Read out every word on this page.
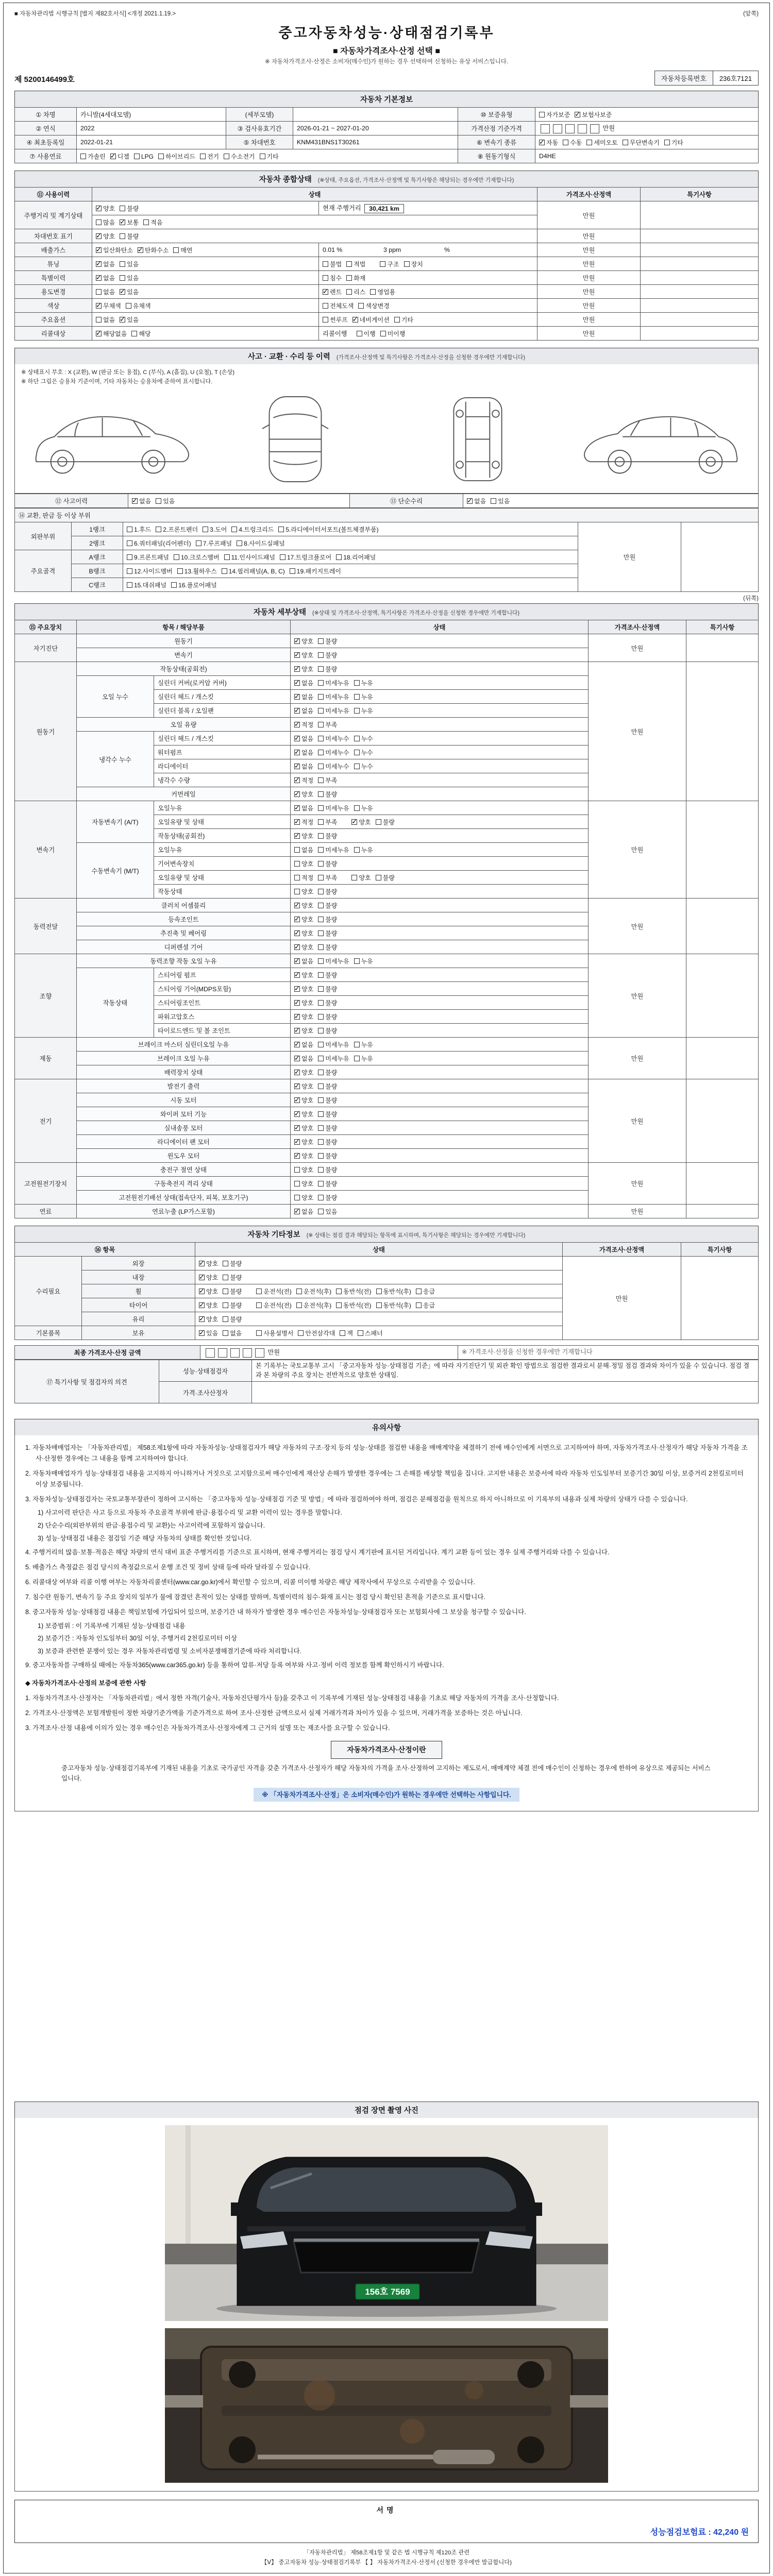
■ 자동차관리법 시행규칙 [별지 제82호서식] <개정 2021.1.19.>	(앞쪽)
중고자동차성능·상태점검기록부
■ 자동차가격조사·산정 선택 ■
※ 자동차가격조사·산정은 소비자(매수인)가 원하는 경우 선택하여 신청하는 유상 서비스입니다.
제 5200146499호	자동차등록번호	236호7121
자동차 기본정보
① 차명	카니발(4세대모델)	(세부모델)		⑩ 보증유형	자가보증 ✓ 보험사보증
② 연식	2022	③ 검사유효기간	2026-01-21 ~ 2027-01-20	가격산정 기준가격	만원
④ 최초등록일	2022-01-21	⑤ 차대번호	KNM431BNS1T30261	⑥ 변속기 종류	✓자동 수동 세미오토 무단변속기 기타
⑦ 사용연료	가솔린 ✓ 디젤 LPG 하이브리드 전기 수소전기 기타			⑧ 원동기형식	D4HE
자동차 종합상태 (※상태, 주요옵션, 가격조사·산정액 및 특기사항은 해당되는 경우에만 기재합니다)
⑪ 사용이력	상태		가격조사·산정액	특기사항
주행거리 및 계기상태	✓양호 불량	현재 주행거리 30,421 km	만원	
	많음 ✓ 보통 적음
차대번호 표기	✓양호 불량		만원	
배출가스	✓일산화탄소 ✓ 탄화수소 매연	0.01 % 3 ppm %	만원	
튜닝	✓없음 있음	불법 적법 구조 장치	만원	
특별이력	✓없음 있음	침수 화재	만원	
용도변경	없음 ✓ 있음	✓렌트 리스 영업용	만원	
색상	✓무채색 유채색	전체도색 색상변경	만원	
주요옵션	없음 ✓ 있음	썬루프 ✓ 네비게이션 기타	만원	
리콜대상	✓해당없음 해당	리콜이행 이행 미이행	만원	
사고 · 교환 · 수리 등 이력 (가격조사·산정액 및 특기사항은 가격조사·산정을 신청한 경우에만 기재합니다)
※ 상태표시 부호 : X (교환), W (판금 또는 용접), C (부식), A (흠집), U (요철), T (손상)
※ 하단 그림은 승용차 기준이며, 기타 자동차는 승용차에 준하여 표시합니다.
⑫ 사고이력	✓없음 있음	⑬ 단순수리	✓없음 있음
⑭ 교환, 판금 등 이상 부위				
외판부위	1랭크	1.후드 2.프론트펜더 3.도어 4.트렁크리드 5.라디에이터서포트(볼트체결부품)	만원	
	2랭크	6.쿼터패널(리어펜더) 7.루프패널 8.사이드실패널		
주요골격	A랭크	9.프론트패널 10.크로스멤버 11.인사이드패널 17.트렁크플로어 18.리어패널		
	B랭크	12.사이드멤버 13.휠하우스 14.필러패널(A, B, C) 19.패키지트레이		
	C랭크	15.대쉬패널 16.플로어패널		
(뒤쪽)
자동차 세부상태 (※상태 및 가격조사·산정액, 특기사항은 가격조사·산정을 신청한 경우에만 기재합니다)
⑮ 주요장치	항목 / 해당부품		상태	가격조사·산정액	특기사항
자기진단	원동기	✓양호 불량	만원	
	변속기	✓양호 불량
원동기	작동상태(공회전)	✓양호 불량	만원	
	오일 누수	실린더 커버(로커암 커버)	✓없음 미세누유 누유
		실린더 헤드 / 개스킷	✓없음 미세누유 누유
		실린더 블록 / 오일팬	✓없음 미세누유 누유
	오일 유량	✓적정 부족
	냉각수 누수	실린더 헤드 / 개스킷	✓없음 미세누수 누수
		워터펌프	✓없음 미세누수 누수
		라디에이터	✓없음 미세누수 누수
		냉각수 수량	✓적정 부족
	커먼레일	✓양호 불량
변속기	자동변속기 (A/T)	오일누유	✓없음 미세누유 누유	만원	
		오일유량 및 상태	✓적정 부족 ✓ 양호 불량
		작동상태(공회전)	✓양호 불량
	수동변속기 (M/T)	오일누유	없음 미세누유 누유		
		기어변속장치	양호 불량		
		오일유량 및 상태	적정 부족 양호 불량		
		작동상태	양호 불량		
동력전달	클러치 어셈블리	✓양호 불량	만원	
	등속조인트	✓양호 불량
	추진축 및 베어링	✓양호 불량
	디퍼렌셜 기어	✓양호 불량
조향	동력조향 작동 오일 누유	✓없음 미세누유 누유	만원	
	작동상태	스티어링 펌프	✓양호 불량
		스티어링 기어(MDPS포함)	✓양호 불량
		스티어링조인트	✓양호 불량
		파워고압호스	✓양호 불량
		타이로드엔드 및 볼 조인트	✓양호 불량
제동	브레이크 마스터 실린더오일 누유	✓없음 미세누유 누유	만원	
	브레이크 오일 누유	✓없음 미세누유 누유
	배력장치 상태	✓양호 불량
전기	발전기 출력	✓양호 불량	만원	
	시동 모터	✓양호 불량
	와이퍼 모터 기능	✓양호 불량
	실내송풍 모터	✓양호 불량
	라디에이터 팬 모터	✓양호 불량
	윈도우 모터	✓양호 불량
고전원전기장치	충전구 절연 상태		양호 불량	만원	
	구동축전지 격리 상태		양호 불량		
	고전원전기배선 상태(접속단자, 피복, 보호기구)		양호 불량		
연료	연료누출 (LP가스포함)	✓없음 있음	만원	
자동차 기타정보 (※ 상태는 점검 결과 해당되는 항목에 표시하며, 특기사항은 해당되는 경우에만 기재합니다)
⑯ 항목		상태	가격조사·산정액	특기사항
수리필요	외장	✓양호 불량	만원	
	내장	✓양호 불량
	휠	✓양호 불량 운전석(전) 운전석(후) 동반석(전) 동반석(후) 응급
	타이어	✓양호 불량 운전석(전) 운전석(후) 동반석(전) 동반석(후) 응급
	유리	✓양호 불량
기본품목	보유	✓있음 없음 사용설명서 안전삼각대 잭 스패너
최종 가격조사·산정 금액	만원	※ 가격조사·산정을 신청한 경우에만 기재합니다
⑰ 특기사항 및 점검자의 의견	성능·상태점검자	본 기록부는 국토교통부 고시 「중고자동차 성능·상태점검 기준」에 따라 자기진단기 및 외관 확인 방법으로 점검한 결과로서 분해·정밀 점검 결과와 차이가 있을 수 있습니다. 점검 결과 본 차량의 주요 장치는 전반적으로 양호한 상태임.
	가격·조사산정자	
유의사항
1. 자동차매매업자는 「자동차관리법」 제58조제1항에 따라 자동차성능·상태점검자가 해당 자동차의 구조·장치 등의 성능·상태를 점검한 내용을 매매계약을 체결하기 전에 매수인에게 서면으로 고지하여야 하며, 자동차가격조사·산정자가 해당 자동차 가격을 조사·산정한 경우에는 그 내용을 함께 고지하여야 합니다.
2. 자동차매매업자가 성능·상태점검 내용을 고지하지 아니하거나 거짓으로 고지함으로써 매수인에게 재산상 손해가 발생한 경우에는 그 손해를 배상할 책임을 집니다. 고지한 내용은 보증서에 따라 자동차 인도일부터 보증기간 30일 이상, 보증거리 2천킬로미터 이상 보증됩니다.
3. 자동차성능·상태점검자는 국토교통부장관이 정하여 고시하는 「중고자동차 성능·상태점검 기준 및 방법」에 따라 점검하여야 하며, 점검은 분해점검을 원칙으로 하지 아니하므로 이 기록부의 내용과 실제 차량의 상태가 다를 수 있습니다.
1) 사고이력 판단은 사고 등으로 자동차 주요골격 부위에 판금·용접수리 및 교환 이력이 있는 경우를 말합니다.
2) 단순수리(외판부위의 판금·용접수리 및 교환)는 사고이력에 포함하지 않습니다.
3) 성능·상태점검 내용은 점검일 기준 해당 자동차의 상태를 확인한 것입니다.
4. 주행거리의 많음·보통·적음은 해당 차량의 연식 대비 표준 주행거리를 기준으로 표시하며, 현재 주행거리는 점검 당시 계기판에 표시된 거리입니다. 계기 교환 등이 있는 경우 실제 주행거리와 다를 수 있습니다.
5. 배출가스 측정값은 점검 당시의 측정값으로서 운행 조건 및 정비 상태 등에 따라 달라질 수 있습니다.
6. 리콜대상 여부와 리콜 이행 여부는 자동차리콜센터(www.car.go.kr)에서 확인할 수 있으며, 리콜 미이행 차량은 해당 제작사에서 무상으로 수리받을 수 있습니다.
7. 침수란 원동기, 변속기 등 주요 장치의 일부가 물에 잠겼던 흔적이 있는 상태를 말하며, 특별이력의 침수·화재 표시는 점검 당시 확인된 흔적을 기준으로 표시합니다.
8. 중고자동차 성능·상태점검 내용은 책임보험에 가입되어 있으며, 보증기간 내 하자가 발생한 경우 매수인은 자동차성능·상태점검자 또는 보험회사에 그 보상을 청구할 수 있습니다.
1) 보증범위 : 이 기록부에 기재된 성능·상태점검 내용
2) 보증기간 : 자동차 인도일부터 30일 이상, 주행거리 2천킬로미터 이상
3) 보증과 관련한 분쟁이 있는 경우 자동차관리법령 및 소비자분쟁해결기준에 따라 처리합니다.
9. 중고자동차를 구매하실 때에는 자동차365(www.car365.go.kr) 등을 통하여 압류·저당 등록 여부와 사고·정비 이력 정보를 함께 확인하시기 바랍니다.
◆ 자동차가격조사·산정의 보증에 관한 사항
1. 자동차가격조사·산정자는 「자동차관리법」에서 정한 자격(기술사, 자동차진단평가사 등)을 갖추고 이 기록부에 기재된 성능·상태점검 내용을 기초로 해당 자동차의 가격을 조사·산정합니다.
2. 가격조사·산정액은 보험개발원이 정한 차량기준가액을 기준가격으로 하여 조사·산정한 금액으로서 실제 거래가격과 차이가 있을 수 있으며, 거래가격을 보증하는 것은 아닙니다.
3. 가격조사·산정 내용에 이의가 있는 경우 매수인은 자동차가격조사·산정자에게 그 근거의 설명 또는 재조사를 요구할 수 있습니다.
자동차가격조사·산정이란
중고자동차 성능·상태점검기록부에 기재된 내용을 기초로 국가공인 자격을 갖춘 가격조사·산정자가 해당 자동차의 가격을 조사·산정하여 고지하는 제도로서, 매매계약 체결 전에 매수인이 신청하는 경우에 한하여 유상으로 제공되는 서비스입니다.
※ 「자동차가격조사·산정」은 소비자(매수인)가 원하는 경우에만 선택하는 사항입니다.
점검 장면 촬영 사진
156호 7569
서명
성능점검보험료 : 42,240 원
「자동차관리법」 제58조제1항 및 같은 법 시행규칙 제120조 관련
【Ⅴ】 중고자동차 성능·상태점검기록부 【 】 자동차가격조사·산정서 (신청한 경우에만 발급합니다)
